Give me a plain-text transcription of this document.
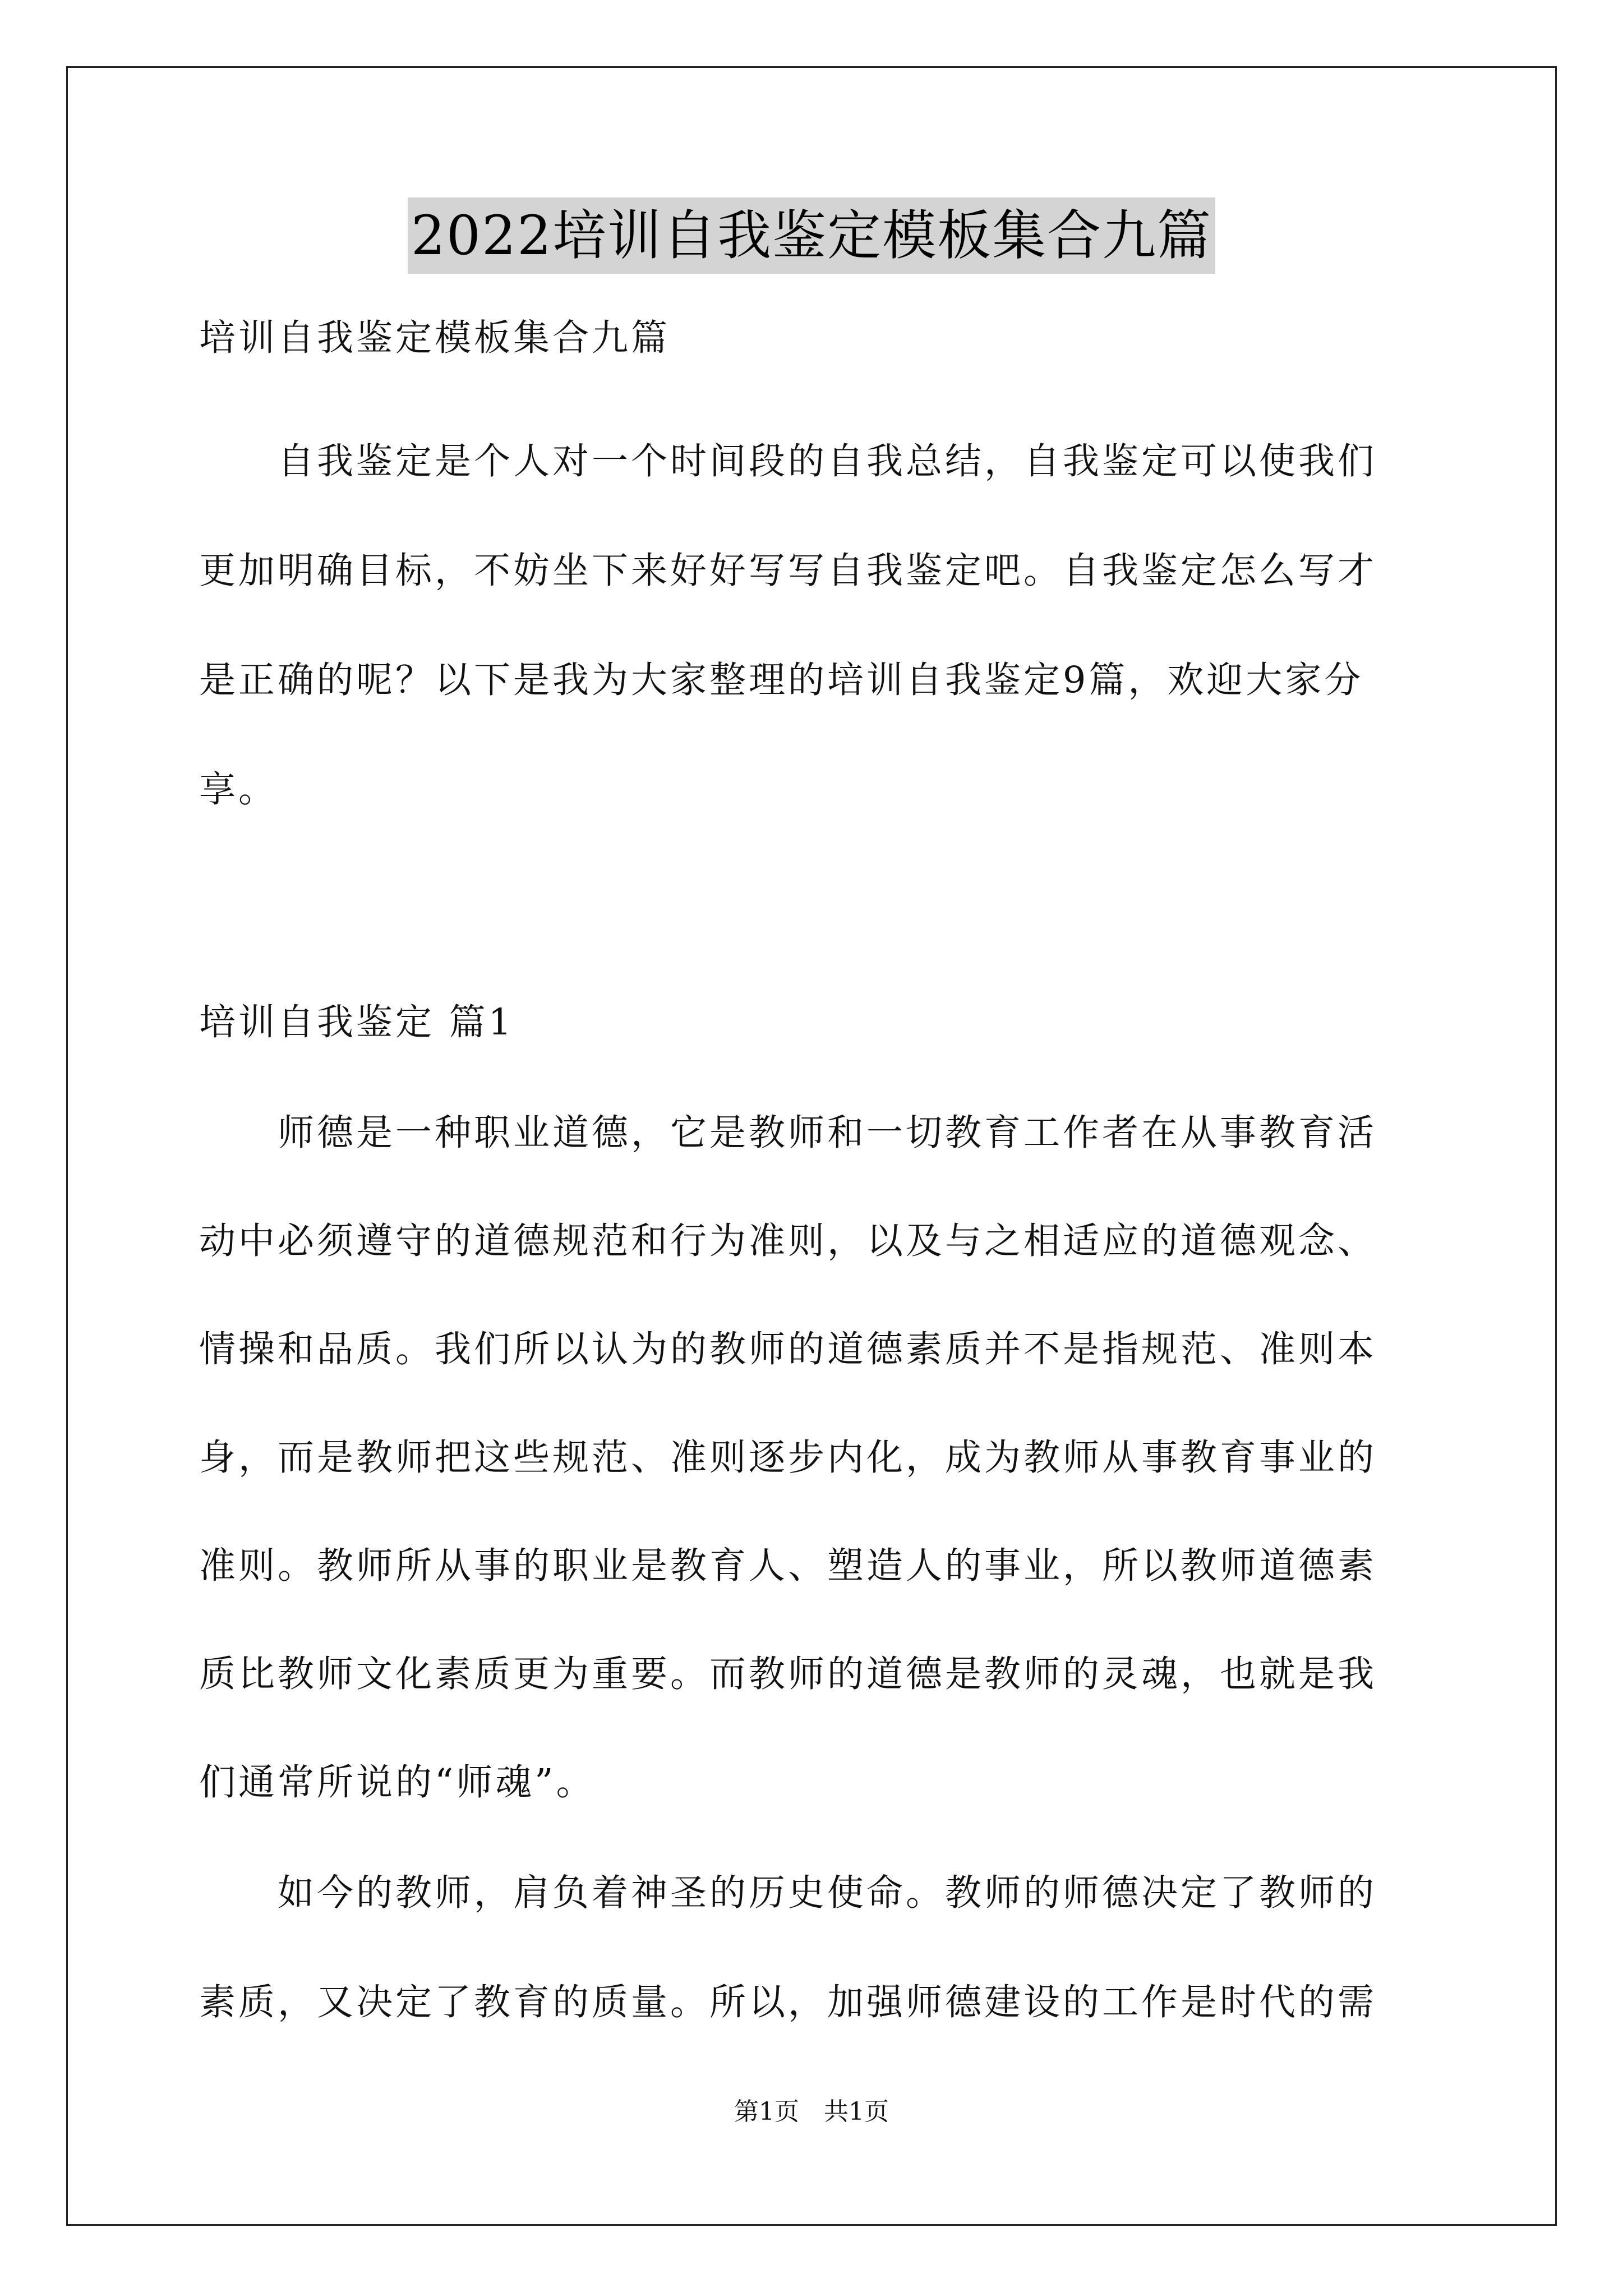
2022培训自我鉴定模板集合九篇

培训自我鉴定模板集合九篇

　　自我鉴定是个人对一个时间段的自我总结，自我鉴定可以使我们

更加明确目标，不妨坐下来好好写写自我鉴定吧。自我鉴定怎么写才

是正确的呢？以下是我为大家整理的培训自我鉴定9篇，欢迎大家分

享。

培训自我鉴定 篇1

　　师德是一种职业道德，它是教师和一切教育工作者在从事教育活

动中必须遵守的道德规范和行为准则，以及与之相适应的道德观念、

情操和品质。我们所以认为的教师的道德素质并不是指规范、准则本

身，而是教师把这些规范、准则逐步内化，成为教师从事教育事业的

准则。教师所从事的职业是教育人、塑造人的事业，所以教师道德素

质比教师文化素质更为重要。而教师的道德是教师的灵魂，也就是我

们通常所说的“师魂”。

　　如今的教师，肩负着神圣的历史使命。教师的师德决定了教师的

素质，又决定了教育的质量。所以，加强师德建设的工作是时代的需

第1页　共1页
